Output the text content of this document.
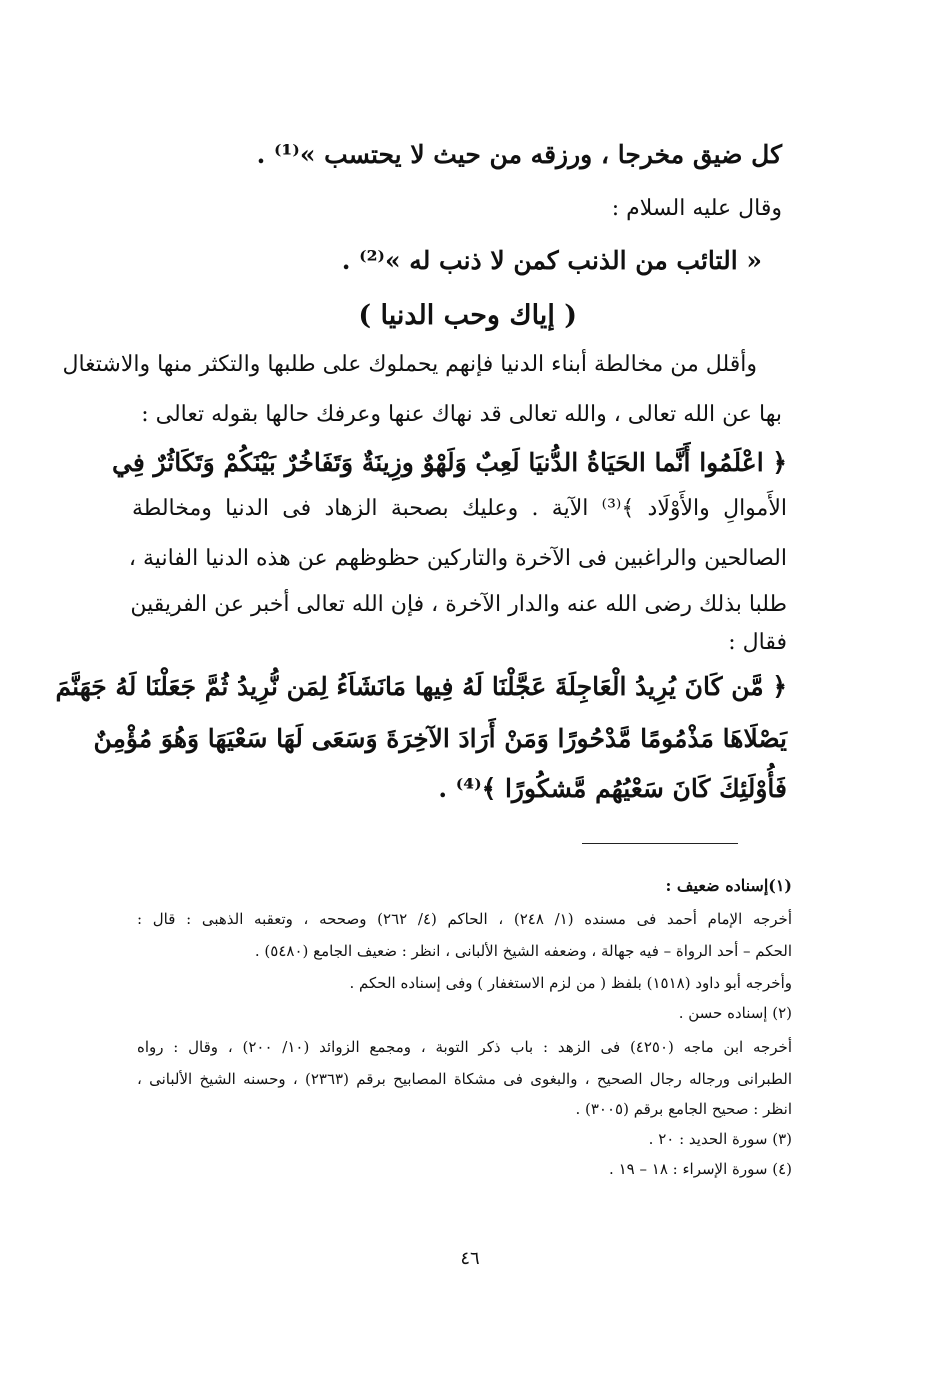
كل ضيق مخرجا ، ورزقه من حيث لا يحتسب »⁽¹⁾ .
وقال عليه السلام :
« التائب من الذنب كمن لا ذنب له »⁽²⁾ .
( إياك وحب الدنيا )
وأقلل من مخالطة أبناء الدنيا فإنهم يحملوك على طلبها والتكثر منها والاشتغال
بها عن الله تعالى ، والله تعالى قد نهاك عنها وعرفك حالها بقوله تعالى :
﴿ اعْلَمُوا أَنَّما الحَيَاةُ الدُّنيَا لَعِبٌ وَلَهْوٌ وزِينَةٌ وَتَفَاخُرٌ بَيْنَكُمْ وَتَكَاثُرٌ فِي
الأَموالِ والأَوْلَاد ﴾⁽³⁾ الآية . وعليك بصحبة الزهاد فى الدنيا ومخالطة
الصالحين والراغبين فى الآخرة والتاركين حظوظهم عن هذه الدنيا الفانية ،
طلبا بذلك رضى الله عنه والدار الآخرة ، فإن الله تعالى أخبر عن الفريقين
فقال :
﴿ مَّن كَانَ يُرِيدُ الْعَاجِلَةَ عَجَّلْنَا لَهُ فِيها مَانَشَاَءُ لِمَن نُّرِيدُ ثُمَّ جَعَلْنَا لَهُ جَهَنَّمَ
يَصْلَاهَا مَذْمُومًا مَّدْحُورًا وَمَنْ أَرَادَ الآخِرَةَ وَسَعَى لَهَا سَعْيَهَا وَهُوَ مُؤْمِنٌ
فَأُوْلَئِكَ كَانَ سَعْيُهُم مَّشكُورًا ﴾⁽⁴⁾ .
(١)إسناده ضعيف :
أخرجه الإمام أحمد فى مسنده (١/ ٢٤٨) ، الحاكم (٤/ ٢٦٢) وصححه ، وتعقبه الذهبى : قال :
الحكم – أحد الرواة – فيه جهالة ، وضعفه الشيخ الألبانى ، انظر : ضعيف الجامع (٥٤٨٠) .
وأخرجه أبو داود (١٥١٨) بلفظ ( من لزم الاستغفار ) وفى إسناده الحكم .
(٢) إسناده حسن .
أخرجه ابن ماجه (٤٢٥٠) فى الزهد : باب ذكر التوبة ، ومجمع الزوائد (١٠/ ٢٠٠) ، وقال : رواه
الطبرانى ورجاله رجال الصحيح ، والبغوى فى مشكاة المصابيح برقم (٢٣٦٣) ، وحسنه الشيخ الألبانى ،
انظر : صحيح الجامع برقم (٣٠٠٥) .
(٣) سورة الحديد : ٢٠ .
(٤) سورة الإسراء : ١٨ – ١٩ .
٤٦
